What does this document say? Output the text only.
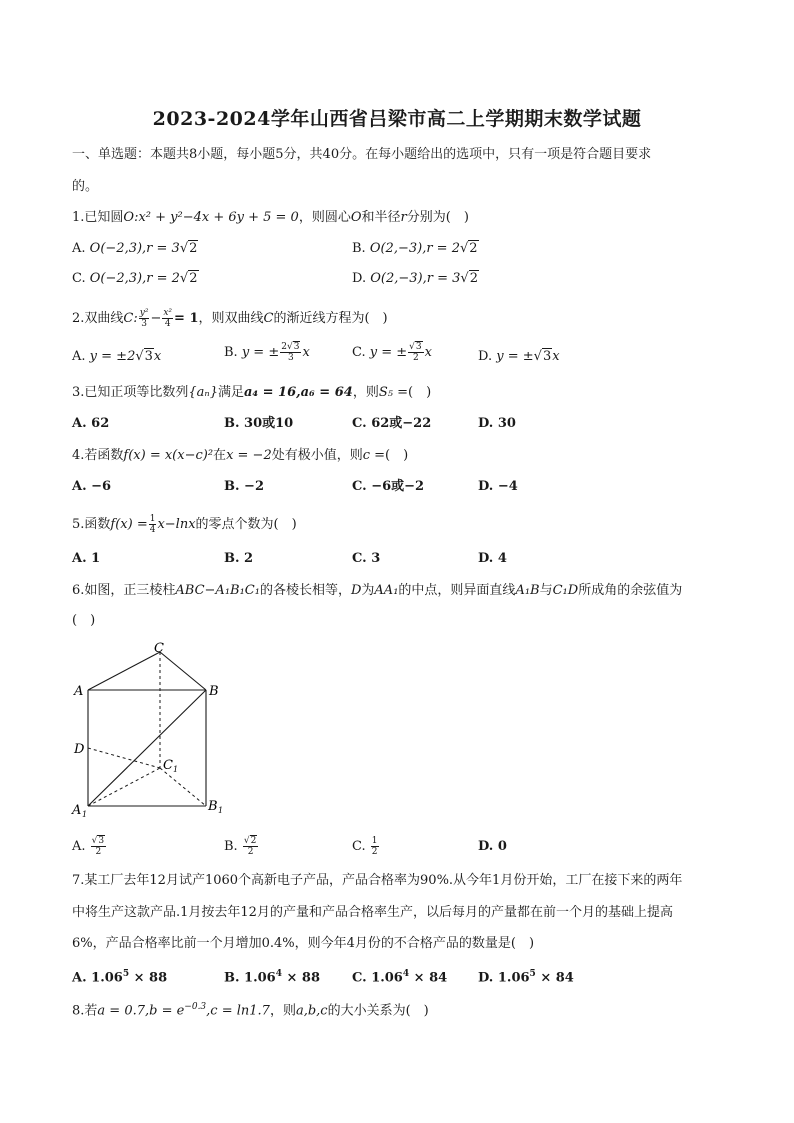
2023-2024学年山西省吕梁市高二上学期期末数学试题
一、单选题：本题共8小题，每小题5分，共40分。在每小题给出的选项中，只有一项是符合题目要求
的。
1.已知圆O:x² + y²−4x + 6y + 5 = 0，则圆心O和半径r分别为(　)
A. O(−2,3),r = 3√2	B. O(2,−3),r = 2√2
C. O(−2,3),r = 2√2	D. O(2,−3),r = 3√2
2.双曲线C: $\frac{\text{y²}}{3} - \frac{\text{x²}}{4} = 1$，则双曲线C的渐近线方程为(　)
A. y = ±2√3x	B. y = ± $\frac{2√3}{3}$ x	C. y = ± $\frac{√3}{2}$ x	D. y = ±√3x
3.已知正项等比数列{aₙ}满足a₄ = 16,a₆ = 64，则S₅ =(　)
A. 62	B. 30或10	C. 62或−22	D. 30
4.若函数f(x) = x(x−c)²在x = −2处有极小值，则c =(　)
A. −6	B. −2	C. −6或−2	D. −4
5.函数$f(x) = \frac{1}{4} x-\ln x$的零点个数为(　)
A. 1	B. 2	C. 3	D. 4
6.如图，正三棱柱ABC−A₁B₁C₁的各棱长相等，D为AA₁的中点，则异面直线A₁B与C₁D所成角的余弦值为
(　)
C
A	B
D
C 1
A 1
B 1
A. $\frac{√3}{2}$	B. $\frac{√2}{2}$	C. $\frac{1}{2}$	D. 0
7.某工厂去年12月试产1060个高新电子产品，产品合格率为90%.从今年1月份开始，工厂在接下来的两年
中将生产这款产品.1月按去年12月的产量和产品合格率生产，以后每月的产量都在前一个月的基础上提高
6%，产品合格率比前一个月增加0.4%，则今年4月份的不合格产品的数量是(　)
A. $1.06^5 \times 88$	B. $1.06^4 \times 88$ C. $1.06^4 \times 84$ D. $1.06^5 \times 84$
8.若$a = 0.7,b = e^{-0.3},c = \ln 1.7$，则a,b,c的大小关系为(　)
